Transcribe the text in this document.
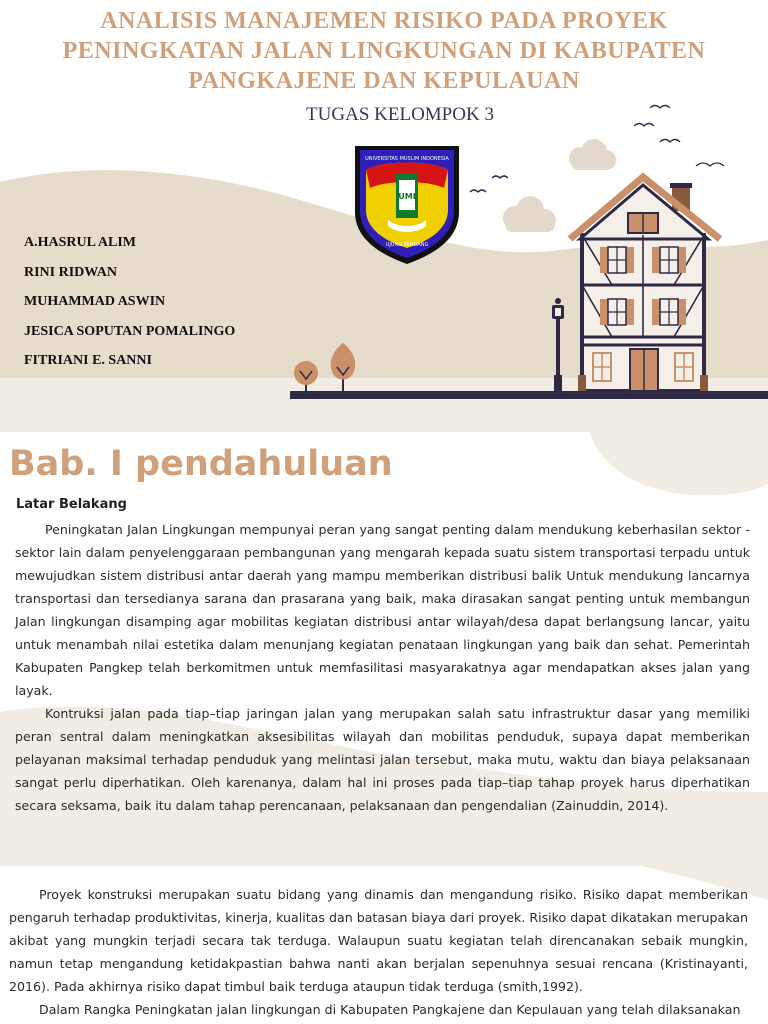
ANALISIS MANAJEMEN RISIKO PADA PROYEK
PENINGKATAN JALAN LINGKUNGAN DI KABUPATEN
PANGKAJENE DAN KEPULAUAN
TUGAS KELOMPOK 3
UMI
UNIVERSITAS MUSLIM INDONESIA
UJUNG PANDANG
A.HASRUL ALIM
RINI RIDWAN
MUHAMMAD ASWIN
JESICA SOPUTAN POMALINGO
FITRIANI E. SANNI
Bab. I pendahuluan
Latar Belakang

Peningkatan Jalan Lingkungan mempunyai peran yang sangat penting dalam mendukung keberhasilan sektor -sektor lain dalam penyelenggaraan pembangunan yang mengarah kepada suatu sistem transportasi terpadu untuk mewujudkan sistem distribusi antar daerah yang mampu memberikan distribusi balik Untuk mendukung lancarnya transportasi dan tersedianya sarana dan prasarana yang baik, maka dirasakan sangat penting untuk membangun Jalan lingkungan disamping agar mobilitas kegiatan distribusi antar wilayah/desa dapat berlangsung lancar, yaitu untuk menambah nilai estetika dalam menunjang kegiatan penataan lingkungan yang baik dan sehat. Pemerintah Kabupaten Pangkep telah berkomitmen untuk memfasilitasi masyarakatnya agar mendapatkan akses jalan yang layak.

Kontruksi jalan pada tiap–tiap jaringan jalan yang merupakan salah satu infrastruktur dasar yang memiliki peran sentral dalam meningkatkan aksesibilitas wilayah dan mobilitas penduduk, supaya dapat memberikan pelayanan maksimal terhadap penduduk yang melintasi jalan tersebut, maka mutu, waktu dan biaya pelaksanaan sangat perlu diperhatikan. Oleh karenanya, dalam hal ini proses pada tiap–tiap tahap proyek harus diperhatikan secara seksama, baik itu dalam tahap perencanaan, pelaksanaan dan pengendalian (Zainuddin, 2014).

Proyek konstruksi merupakan suatu bidang yang dinamis dan mengandung risiko. Risiko dapat memberikan pengaruh terhadap produktivitas, kinerja, kualitas dan batasan biaya dari proyek. Risiko dapat dikatakan merupakan akibat yang mungkin terjadi secara tak terduga. Walaupun suatu kegiatan telah direncanakan sebaik mungkin, namun tetap mengandung ketidakpastian bahwa nanti akan berjalan sepenuhnya sesuai rencana (Kristinayanti, 2016). Pada akhirnya risiko dapat timbul baik terduga ataupun tidak terduga (smith,1992).

Dalam Rangka Peningkatan jalan lingkungan di Kabupaten Pangkajene dan Kepulauan yang telah dilaksanakan
